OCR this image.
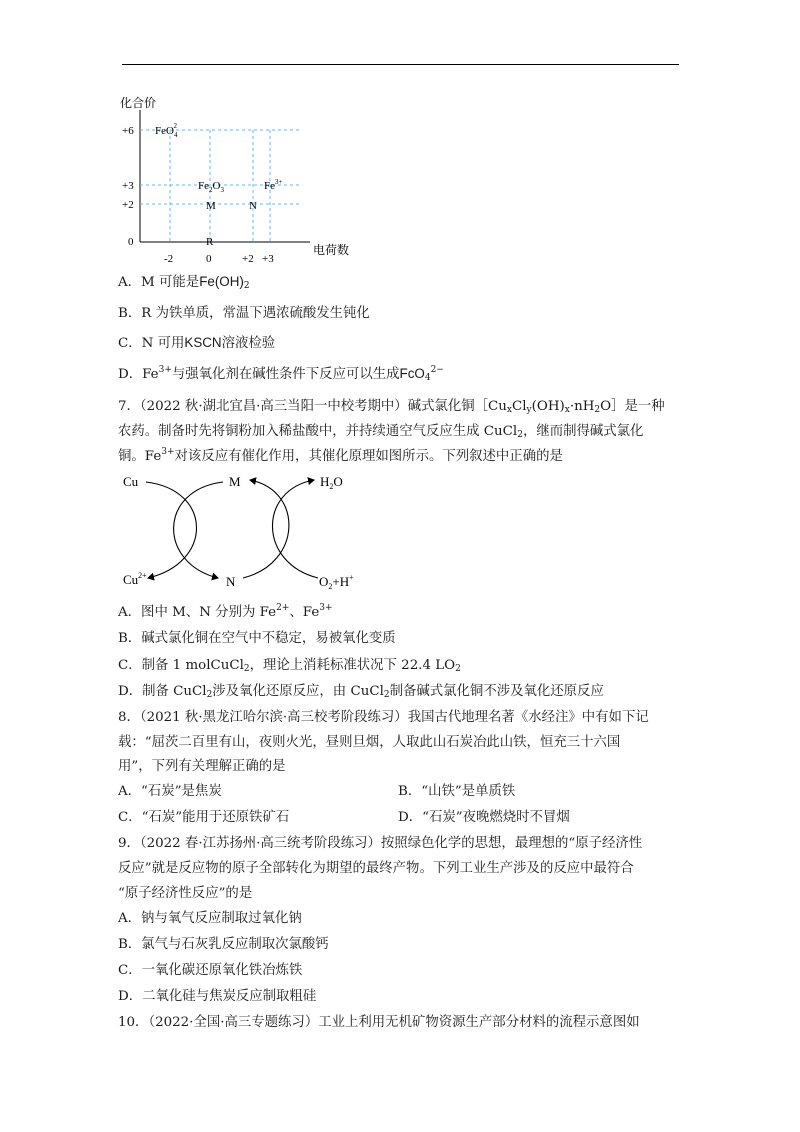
化合价
电荷数
+6
+3
+2
0
-2	0	+2 +3
FeO$_4$2
$Fe_2O_3$	$Fe^{3+}$
M	N
R
A．M 可能是$Fe(OH)_2$
B．R 为铁单质，常温下遇浓硫酸发生钝化
C．N 可用KSCN溶液检验
D．$Fe^{3+}$与强氧化剂在碱性条件下反应可以生成FcO$_4^{2-}$
7．（2022 秋·湖北宜昌·高三当阳一中校考期中）碱式氯化铜$[Cu_xCl_y(OH)_x\cdot nH_2O]$是一种
农药。制备时先将铜粉加入稀盐酸中，并持续通空气反应生成 CuCl$_2$，继而制得碱式氯化
铜。$Fe^{3+}$对该反应有催化作用，其催化原理如图所示。下列叙述中正确的是
Cu	M	$H_2O$
$Cu^{2+}$	N	$O_2+H^+$
A．图中 M、N 分别为 $Fe^{2+}$、$Fe^{3+}$
B．碱式氯化铜在空气中不稳定，易被氧化变质
C．制备 1 molCuCl$_2$，理论上消耗标准状况下 22.4 $LO_2$
D．制备 CuCl$_2$涉及氧化还原反应，由 CuCl$_2$制备碱式氯化铜不涉及氧化还原反应
8．（2021 秋·黑龙江哈尔滨·高三校考阶段练习）我国古代地理名著《水经注》中有如下记
载：“屈茨二百里有山，夜则火光，昼则旦烟，人取此山石炭冶此山铁，恒充三十六国
用”，下列有关理解正确的是
A．“石炭”是焦炭	B．“山铁”是单质铁
C．“石炭”能用于还原铁矿石	D．“石炭”夜晚燃烧时不冒烟
9．（2022 春·江苏扬州·高三统考阶段练习）按照绿色化学的思想，最理想的“原子经济性
反应”就是反应物的原子全部转化为期望的最终产物。下列工业生产涉及的反应中最符合
“原子经济性反应”的是
A．钠与氧气反应制取过氧化钠
B．氯气与石灰乳反应制取次氯酸钙
C．一氧化碳还原氧化铁冶炼铁
D．二氧化硅与焦炭反应制取粗硅
10．（2022·全国·高三专题练习）工业上利用无机矿物资源生产部分材料的流程示意图如
